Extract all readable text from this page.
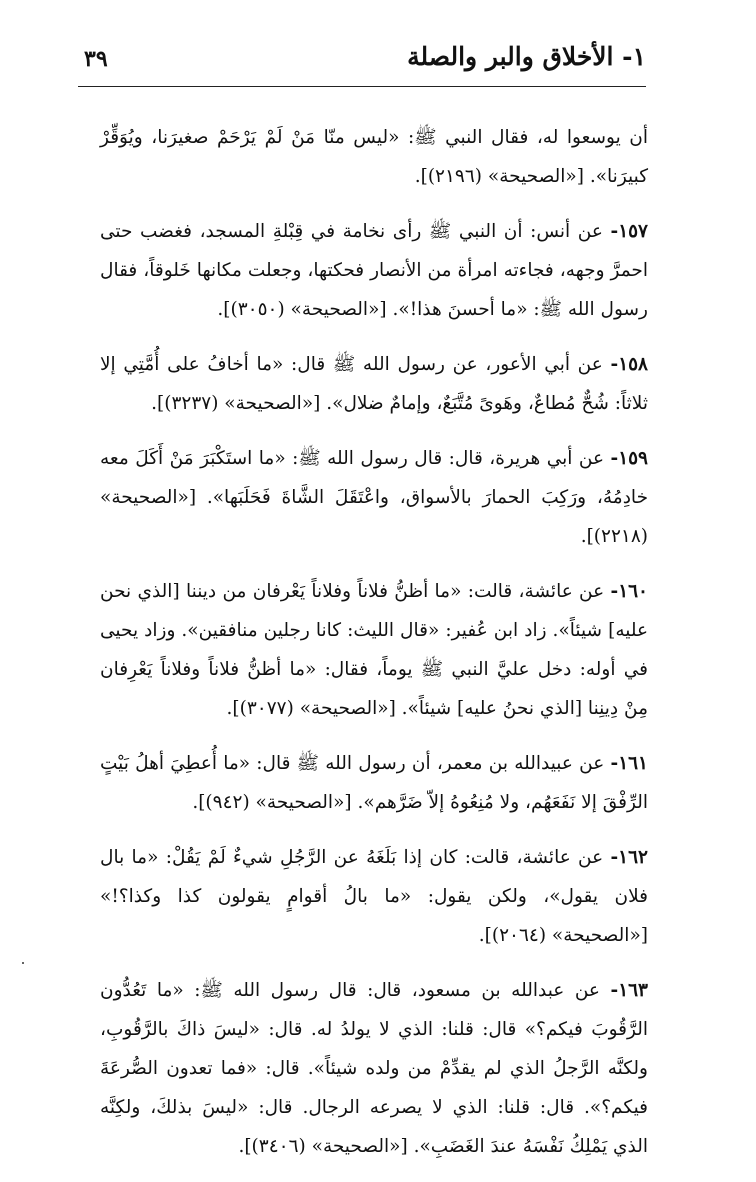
١- الأخلاق والبر والصلة
٣٩

أن يوسعوا له، فقال النبي ﷺ: «ليس منّا مَنْ لَمْ يَرْحَمْ صغيرَنا، ويُوَقِّرْ كبيرَنا». [«الصحيحة» (٢١٩٦)].

١٥٧- عن أنس: أن النبي ﷺ رأى نخامة في قِبْلةِ المسجد، فغضب حتى احمرَّ وجهه، فجاءته امرأة من الأنصار فحكتها، وجعلت مكانها خَلوقاً، فقال رسول الله ﷺ: «ما أحسنَ هذا!». [«الصحيحة» (٣٠٥٠)].

١٥٨- عن أبي الأعور، عن رسول الله ﷺ قال: «ما أخافُ على أُمَّتِي إلا ثلاثاً: شُحٌّ مُطاعٌ، وهَوىً مُتَّبَعٌ، وإمامٌ ضلال». [«الصحيحة» (٣٢٣٧)].

١٥٩- عن أبي هريرة، قال: قال رسول الله ﷺ: «ما استَكْبَرَ مَنْ أَكَلَ معه خادِمُهُ، ورَكِبَ الحمارَ بالأسواق، واعْتَقَلَ الشَّاةَ فَحَلَبَها». [«الصحيحة» (٢٢١٨)].

١٦٠- عن عائشة، قالت: «ما أظنُّ فلاناً وفلاناً يَعْرفان من ديننا [الذي نحن عليه] شيئاً». زاد ابن عُفير: «قال الليث: كانا رجلين منافقين». وزاد يحيى في أوله: دخل عليَّ النبي ﷺ يوماً، فقال: «ما أظنُّ فلاناً وفلاناً يَعْرِفان مِنْ دِينِنا [الذي نحنُ عليه] شيئاً». [«الصحيحة» (٣٠٧٧)].

١٦١- عن عبيدالله بن معمر، أن رسول الله ﷺ قال: «ما أُعطِيَ أهلُ بَيْتٍ الرِّفْقَ إلا نَفَعَهُم، ولا مُنِعُوهُ إلاّ ضَرَّهم». [«الصحيحة» (٩٤٢)].

١٦٢- عن عائشة، قالت: كان إذا بَلَغَهُ عن الرَّجُلِ شيءٌ لَمْ يَقُلْ: «ما بال فلان يقول»، ولكن يقول: «ما بالُ أقوامٍ يقولون كذا وكذا؟!» [«الصحيحة» (٢٠٦٤)].

١٦٣- عن عبدالله بن مسعود، قال: قال رسول الله ﷺ: «ما تَعُدُّون الرَّقُوبَ فيكم؟» قال: قلنا: الذي لا يولدُ له. قال: «ليسَ ذاكَ بالرَّقُوبِ، ولكنَّه الرَّجلُ الذي لم يقدِّمْ من ولده شيئاً». قال: «فما تعدون الصُّرعَةَ فيكم؟». قال: قلنا: الذي لا يصرعه الرجال. قال: «ليسَ بذلكَ، ولكِنَّه الذي يَمْلِكُ نَفْسَهُ عندَ الغَضَبِ». [«الصحيحة» (٣٤٠٦)].
